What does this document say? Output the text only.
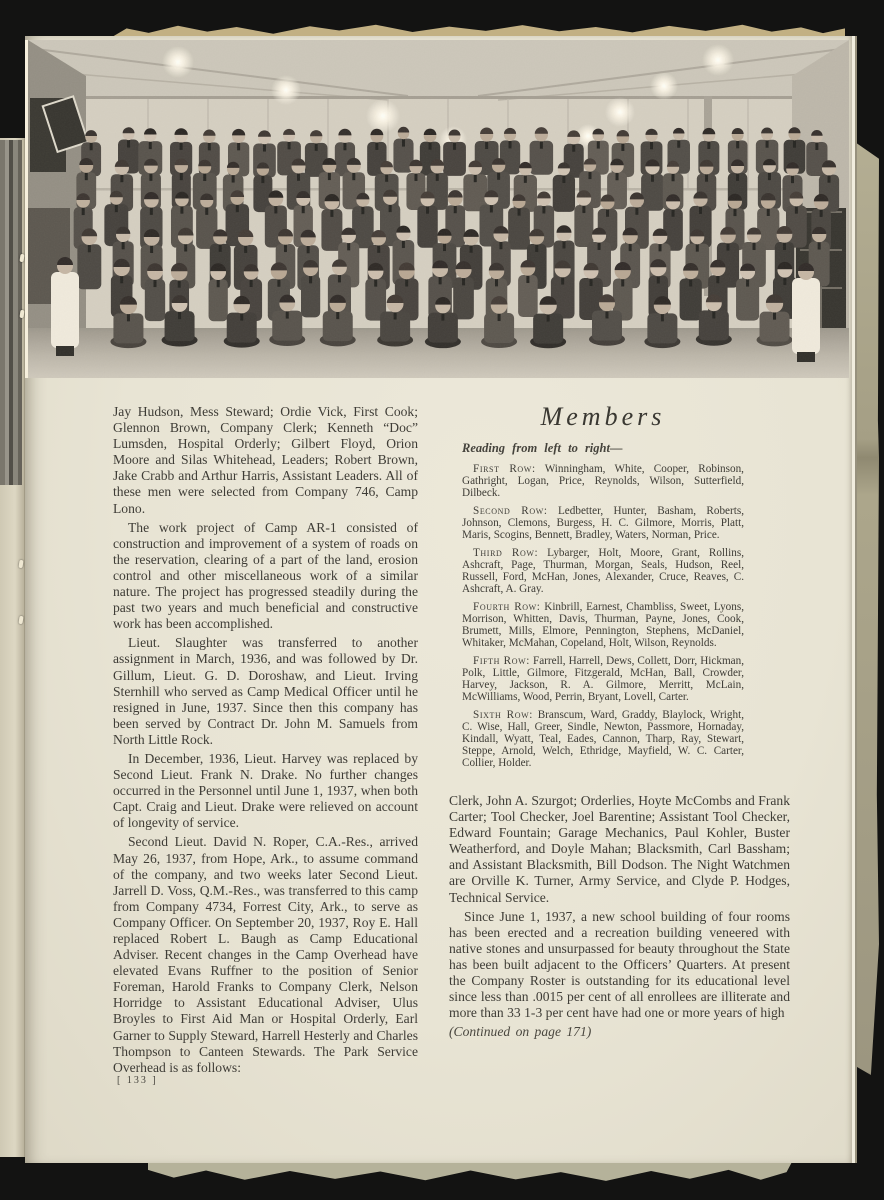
Jay Hudson, Mess Steward; Ordie Vick, First Cook; Glennon Brown, Company Clerk; Kenneth “Doc” Lumsden, Hospital Orderly; Gilbert Floyd, Orion Moore and Silas Whitehead, Leaders; Robert Brown, Jake Crabb and Arthur Harris, Assistant Leaders. All of these men were selected from Company 746, Camp Lono.

The work project of Camp AR-1 consisted of construction and improvement of a system of roads on the reservation, clearing of a part of the land, erosion control and other miscellaneous work of a similar nature. The project has progressed steadily during the past two years and much beneficial and constructive work has been accomplished.

Lieut. Slaughter was transferred to another assignment in March, 1936, and was followed by Dr. Gillum, Lieut. G. D. Doroshaw, and Lieut. Irving Sternhill who served as Camp Medical Officer until he resigned in June, 1937. Since then this company has been served by Contract Dr. John M. Samuels from North Little Rock.

In December, 1936, Lieut. Harvey was replaced by Second Lieut. Frank N. Drake. No further changes occurred in the Personnel until June 1, 1937, when both Capt. Craig and Lieut. Drake were relieved on account of longevity of service.

Second Lieut. David N. Roper, C.A.-Res., arrived May 26, 1937, from Hope, Ark., to assume command of the company, and two weeks later Second Lieut. Jarrell D. Voss, Q.M.-Res., was transferred to this camp from Company 4734, Forrest City, Ark., to serve as Company Officer. On September 20, 1937, Roy E. Hall replaced Robert L. Baugh as Camp Educational Adviser. Recent changes in the Camp Overhead have elevated Evans Ruffner to the position of Senior Foreman, Harold Franks to Company Clerk, Nelson Horridge to Assistant Educational Adviser, Ulus Broyles to First Aid Man or Hospital Orderly, Earl Garner to Supply Steward, Harrell Hesterly and Charles Thompson to Canteen Stewards. The Park Service Overhead is as follows:

Members

Reading from left to right—

First Row: Winningham, White, Cooper, Robinson, Gathright, Logan, Price, Reynolds, Wilson, Sutterfield, Dilbeck.

Second Row: Ledbetter, Hunter, Basham, Roberts, Johnson, Clemons, Burgess, H. C. Gilmore, Morris, Platt, Maris, Scogins, Bennett, Bradley, Waters, Norman, Price.

Third Row: Lybarger, Holt, Moore, Grant, Rollins, Ashcraft, Page, Thurman, Morgan, Seals, Hudson, Reel, Russell, Ford, McHan, Jones, Alexander, Cruce, Reaves, C. Ashcraft, A. Gray.

Fourth Row: Kinbrill, Earnest, Chambliss, Sweet, Lyons, Morrison, Whitten, Davis, Thurman, Payne, Jones, Cook, Brumett, Mills, Elmore, Pennington, Stephens, McDaniel, Whitaker, McMahan, Copeland, Holt, Wilson, Reynolds.

Fifth Row: Farrell, Harrell, Dews, Collett, Dorr, Hickman, Polk, Little, Gilmore, Fitzgerald, McHan, Ball, Crowder, Harvey, Jackson, R. A. Gilmore, Merritt, McLain, McWilliams, Wood, Perrin, Bryant, Lovell, Carter.

Sixth Row: Branscum, Ward, Graddy, Blaylock, Wright, C. Wise, Hall, Greer, Sindle, Newton, Passmore, Hornaday, Kindall, Wyatt, Teal, Eades, Cannon, Tharp, Ray, Stewart, Steppe, Arnold, Welch, Ethridge, Mayfield, W. C. Carter, Collier, Holder.

Clerk, John A. Szurgot; Orderlies, Hoyte McCombs and Frank Carter; Tool Checker, Joel Barentine; Assistant Tool Checker, Edward Fountain; Garage Mechanics, Paul Kohler, Buster Weatherford, and Doyle Mahan; Blacksmith, Carl Bassham; and Assistant Blacksmith, Bill Dodson. The Night Watchmen are Orville K. Turner, Army Service, and Clyde P. Hodges, Technical Service.

Since June 1, 1937, a new school building of four rooms has been erected and a recreation building veneered with native stones and unsurpassed for beauty throughout the State has been built adjacent to the Officers’ Quarters. At present the Company Roster is outstanding for its educational level since less than .0015 per cent of all enrollees are illiterate and more than 33 1-3 per cent have had one or more years of high

(Continued on page 171)

[ 133 ]
